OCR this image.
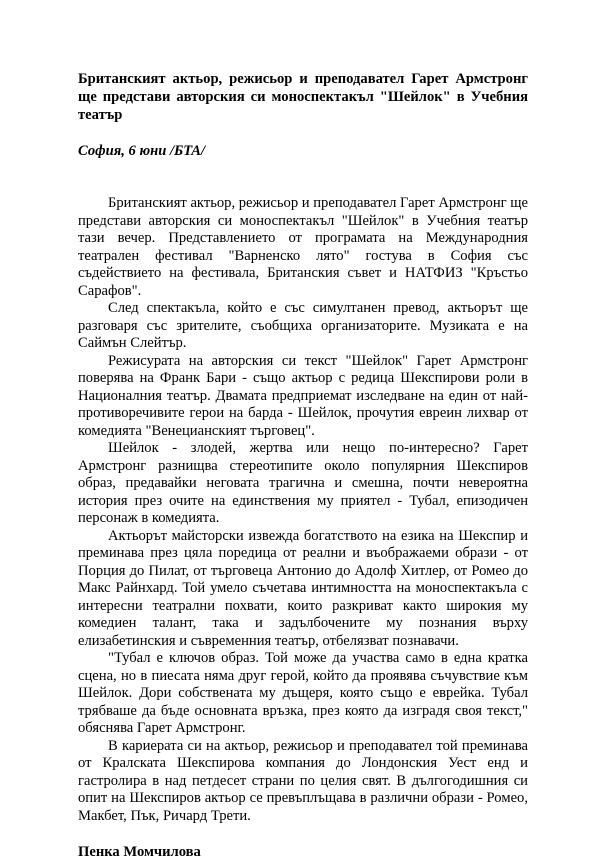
Британският актьор, режисьор и преподавател Гарет Армстронг ще представи авторския си моноспектакъл "Шейлок" в Учебния театър

София, 6 юни /БТА/

Британският актьор, режисьор и преподавател Гарет Армстронг ще представи авторския си моноспектакъл "Шейлок" в Учебния театър тази вечер. Представлението от програмата на Международния театрален фестивал "Варненско лято" гостува в София със съдействието на фестивала, Британския съвет и НАТФИЗ "Кръстьо Сарафов".

След спектакъла, който е със симултанен превод, актьорът ще разговаря със зрителите, съобщиха организаторите. Музиката е на Саймън Слейтър.

Режисурата на авторския си текст "Шейлок" Гарет Армстронг поверява на Франк Бари - също актьор с редица Шекспирови роли в Националния театър. Двамата предприемат изследване на един от най-противоречивите герои на барда - Шейлок, прочутия евреин лихвар от комедията "Венецианският търговец".

Шейлок - злодей, жертва или нещо по-интересно? Гарет Армстронг разнищва стереотипите около популярния Шекспиров образ, предавайки неговата трагична и смешна, почти невероятна история през очите на единствения му приятел - Тубал, епизодичен персонаж в комедията.

Актьорът майсторски извежда богатството на езика на Шекспир и преминава през цяла поредица от реални и въображаеми образи - от Порция до Пилат, от търговеца Антонио до Адолф Хитлер, от Ромео до Макс Райнхард. Той умело съчетава интимността на моноспектакъла с интересни театрални похвати, които разкриват както широкия му комедиен талант, така и задълбочените му познания върху елизабетинския и съвременния театър, отбелязват познавачи.

"Тубал е ключов образ. Той може да участва само в една кратка сцена, но в пиесата няма друг герой, който да проявява съчувствие към Шейлок. Дори собствената му дъщеря, която също е еврейка. Тубал трябваше да бъде основната връзка, през която да изградя своя текст," обяснява Гарет Армстронг.

В кариерата си на актьор, режисьор и преподавател той преминава от Кралската Шекспирова компания до Лондонския Уест енд и гастролира в над петдесет страни по целия свят. В дългогодишния си опит на Шекспиров актьор се превъплъщава в различни образи - Ромео, Макбет, Пък, Ричард Трети.

Пенка Момчилова
